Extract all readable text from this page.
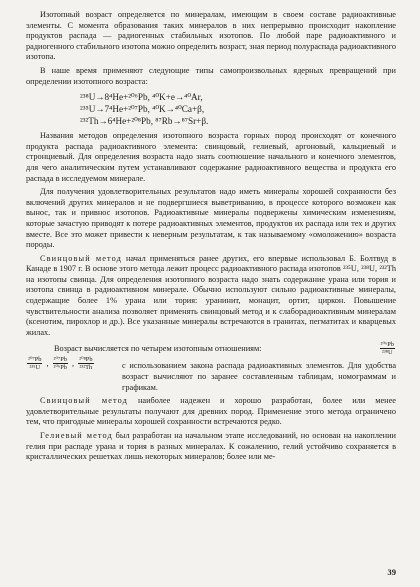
Изотопный возраст определяется по минералам, имеющим в своем составе радиоактивные элементы. С момента образования таких минералов в них непрерывно происходит накопление продуктов распада — радиогенных стабильных изотопов. По любой паре радиоактивного и радиогенного стабильного изотопа можно определить возраст, зная период полураспада радиоактивного изотопа.

В наше время применяют следующие типы самопроизвольных ядерных превращений при определении изотопного возраста:

²³⁸U→8⁴He+²⁰⁶Pb, ⁴⁰K+e→⁴⁰Ar,
²³⁵U→7⁴He+²⁰⁷Pb, ⁴⁰K→⁴⁰Ca+β,
²³²Th→6⁴He+²⁰⁸Pb, ⁸⁷Rb→⁸⁷Sr+β.

Названия методов определения изотопного возраста горных пород происходят от конечного продукта распада радиоактивного элемента: свинцовый, гелиевый, аргоновый, кальциевый и стронциевый. Для определения возраста надо знать соотношение начального и конечного элементов, для чего аналитическим путем устанавливают содержание радиоактивного вещества и продукта его распада в исследуемом минерале.

Для получения удовлетворительных результатов надо иметь минералы хорошей сохранности без включений других минералов и не подвергшиеся выветриванию, в процессе которого возможен как вынос, так и привнос изотопов. Радиоактивные минералы подвержены химическим изменениям, которые зачастую приводят к потере радиоактивных элементов, продуктов их распада или тех и других вместе. Все это может привести к неверным результатам, к так называемому «омоложению» возраста породы.

Свинцовый метод начал применяться ранее других, его впервые использовал Б. Болтвуд в Канаде в 1907 г. В основе этого метода лежит процесс радиоактивного распада изотопов ²³⁵U, ²³⁸U, ²³²Th на изотопы свинца. Для определения изотопного возраста надо знать содержание урана или тория и изотопа свинца в радиоактивном минерале. Обычно используют сильно радиоактивные минералы, содержащие более 1% урана или тория: уранинит, монацит, ортит, циркон. Повышение чувствительности анализа позволяет применять свинцовый метод и к слаборадиоактивным минералам (ксенотим, пирохлор и др.). Все указанные минералы встречаются в гранитах, пегматитах и кварцевых жилах.

Возраст вычисляется по четырем изотопным отношениям:	$\frac{\text{²⁰⁶Pb}}{\text{²³⁸U}}$
$\frac{\text{²⁰⁷Pb}}{\text{²³⁵U}}$ , $\frac{\text{²⁰⁷Pb}}{\text{²⁰⁶Pb}}$ , $\frac{\text{²⁰⁸Pb}}{\text{²³²Th}}$	с использованием закона распада радиоактивных элементов. Для удобства возраст вычисляют по заранее составленным таблицам, номограммам и графикам.

Свинцовый метод наиболее надежен и хорошо разработан, более или менее удовлетворительные результаты получают для древних пород. Применение этого метода ограничено тем, что пригодные минералы хорошей сохранности встречаются редко.

Гелиевый метод был разработан на начальном этапе исследований, но основан на накоплении гелия при распаде урана и тория в разных минералах. К сожалению, гелий устойчиво сохраняется в кристаллических решетках лишь некоторых минералов; более или ме-

39
